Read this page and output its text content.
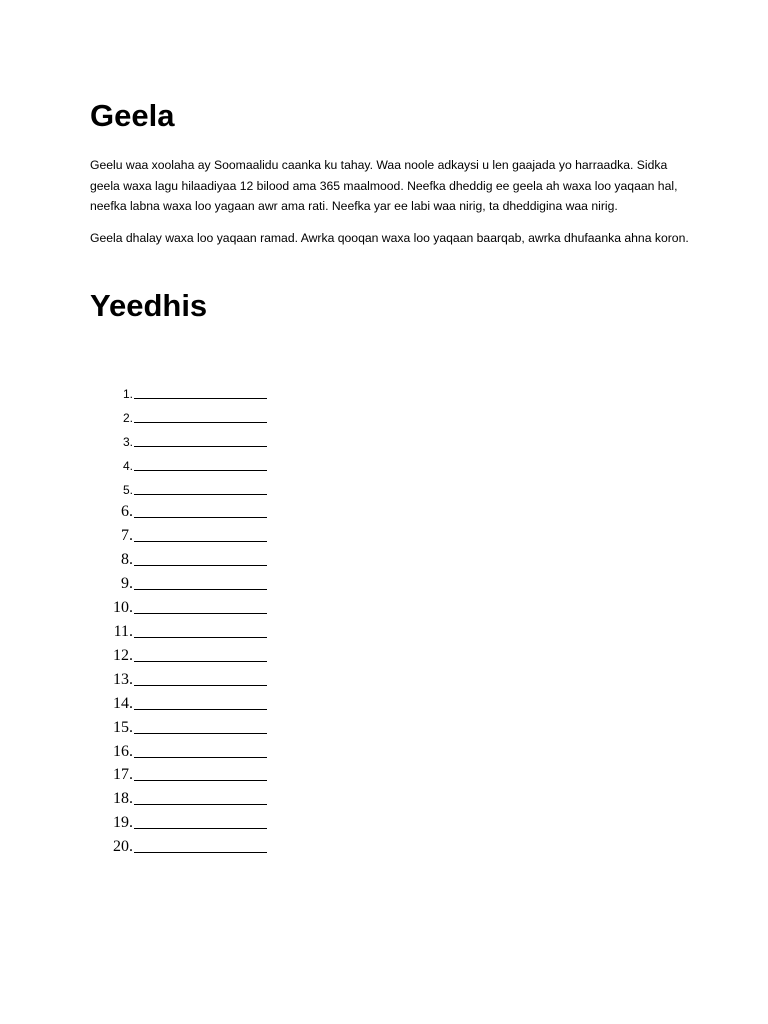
Geela

Geelu waa xoolaha ay Soomaalidu caanka ku tahay. Waa noole adkaysi u len gaajada yo harraadka. Sidka geela waxa lagu hilaadiyaa 12 bilood ama 365 maalmood. Neefka dheddig ee geela ah waxa loo yaqaan hal, neefka labna waxa loo yagaan awr ama rati. Neefka yar ee labi waa nirig, ta dheddigina waa nirig.

Geela dhalay waxa loo yaqaan ramad. Awrka qooqan waxa loo yaqaan baarqab, awrka dhufaanka ahna koron.

Yeedhis
1.
2.
3.
4.
5.
6.
7.
8.
9.
10.
11.
12.
13.
14.
15.
16.
17.
18.
19.
20.
